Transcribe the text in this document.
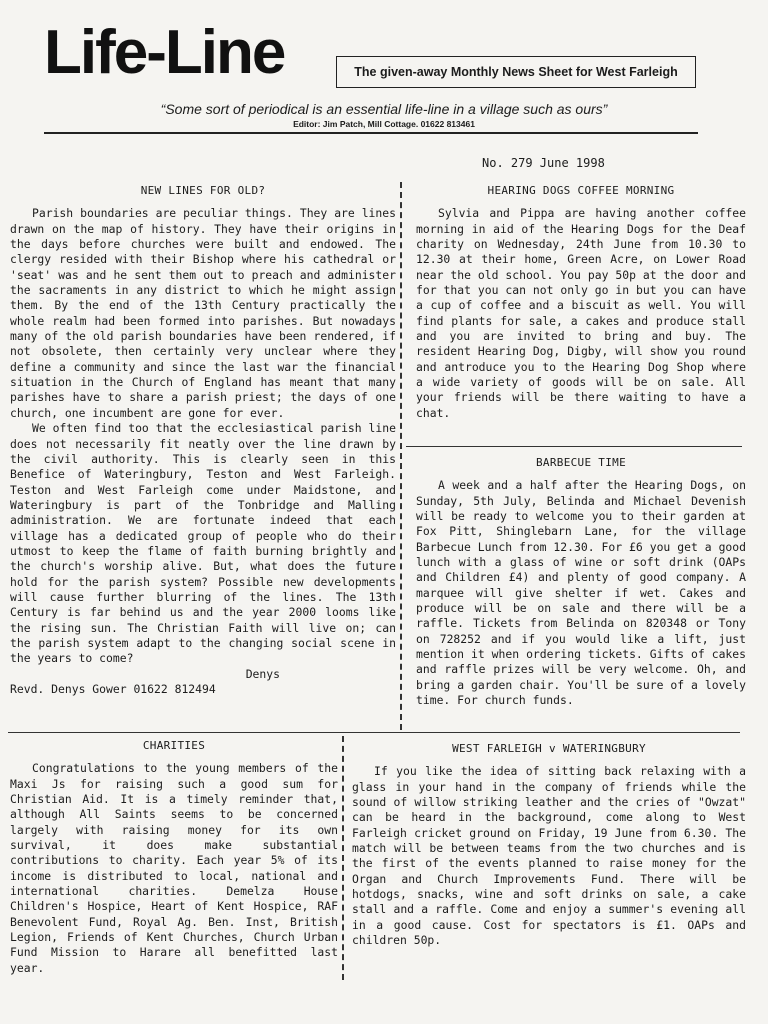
Life-Line	The given-away Monthly News Sheet for West Farleigh
“Some sort of periodical is an essential life-line in a village such as ours”
Editor: Jim Patch, Mill Cottage. 01622 813461
No. 279 June 1998
NEW LINES FOR OLD?

Parish boundaries are peculiar things. They are lines drawn on the map of history. They have their origins in the days before churches were built and endowed. The clergy resided with their Bishop where his cathedral or 'seat' was and he sent them out to preach and administer the sacraments in any district to which he might assign them. By the end of the 13th Century practically the whole realm had been formed into parishes. But nowadays many of the old parish boundaries have been rendered, if not obsolete, then certainly very unclear where they define a community and since the last war the financial situation in the Church of England has meant that many parishes have to share a parish priest; the days of one church, one incumbent are gone for ever.

We often find too that the ecclesiastical parish line does not necessarily fit neatly over the line drawn by the civil authority. This is clearly seen in this Benefice of Wateringbury, Teston and West Farleigh. Teston and West Farleigh come under Maidstone, and Wateringbury is part of the Tonbridge and Malling administration. We are fortunate indeed that each village has a dedicated group of people who do their utmost to keep the flame of faith burning brightly and the church's worship alive. But, what does the future hold for the parish system? Possible new developments will cause further blurring of the lines. The 13th Century is far behind us and the year 2000 looms like the rising sun. The Christian Faith will live on; can the parish system adapt to the changing social scene in the years to come?

Denys
Revd. Denys Gower 01622 812494
HEARING DOGS COFFEE MORNING

Sylvia and Pippa are having another coffee morning in aid of the Hearing Dogs for the Deaf charity on Wednesday, 24th June from 10.30 to 12.30 at their home, Green Acre, on Lower Road near the old school. You pay 50p at the door and for that you can not only go in but you can have a cup of coffee and a biscuit as well. You will find plants for sale, a cakes and produce stall and you are invited to bring and buy. The resident Hearing Dog, Digby, will show you round and antroduce you to the Hearing Dog Shop where a wide variety of goods will be on sale. All your friends will be there waiting to have a chat.

BARBECUE TIME

A week and a half after the Hearing Dogs, on Sunday, 5th July, Belinda and Michael Devenish will be ready to welcome you to their garden at Fox Pitt, Shinglebarn Lane, for the village Barbecue Lunch from 12.30. For £6 you get a good lunch with a glass of wine or soft drink (OAPs and Children £4) and plenty of good company. A marquee will give shelter if wet. Cakes and produce will be on sale and there will be a raffle. Tickets from Belinda on 820348 or Tony on 728252 and if you would like a lift, just mention it when ordering tickets. Gifts of cakes and raffle prizes will be very welcome. Oh, and bring a garden chair. You'll be sure of a lovely time. For church funds.

CHARITIES

Congratulations to the young members of the Maxi Js for raising such a good sum for Christian Aid. It is a timely reminder that, although All Saints seems to be concerned largely with raising money for its own survival, it does make substantial contributions to charity. Each year 5% of its income is distributed to local, national and international charities. Demelza House Children's Hospice, Heart of Kent Hospice, RAF Benevolent Fund, Royal Ag. Ben. Inst, British Legion, Friends of Kent Churches, Church Urban Fund Mission to Harare all benefitted last year.

WEST FARLEIGH v WATERINGBURY

If you like the idea of sitting back relaxing with a glass in your hand in the company of friends while the sound of willow striking leather and the cries of "Owzat" can be heard in the background, come along to West Farleigh cricket ground on Friday, 19 June from 6.30. The match will be between teams from the two churches and is the first of the events planned to raise money for the Organ and Church Improvements Fund. There will be hotdogs, snacks, wine and soft drinks on sale, a cake stall and a raffle. Come and enjoy a summer's evening all in a good cause. Cost for spectators is £1. OAPs and children 50p.
